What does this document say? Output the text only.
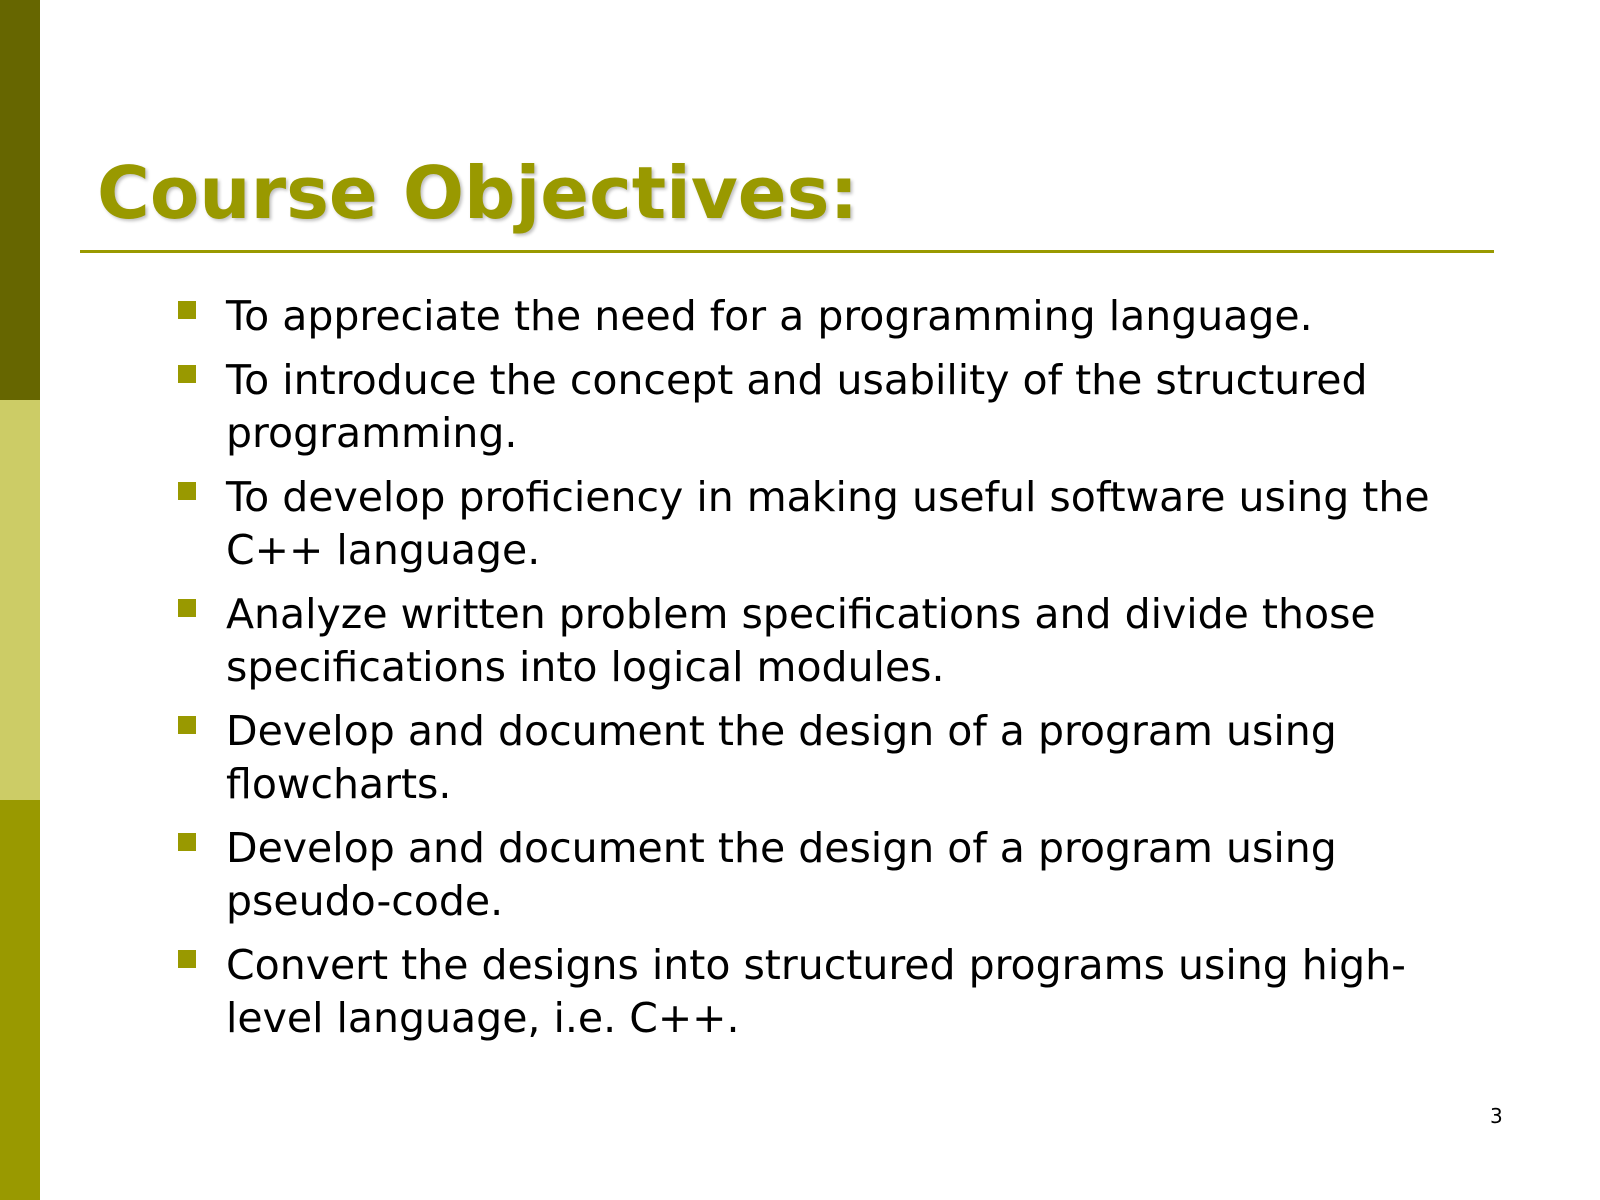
Course Objectives:
To appreciate the need for a programming language.
To introduce the concept and usability of the structured programming.
To develop proficiency in making useful software using the C++ language.
Analyze written problem specifications and divide those specifications into logical modules.
Develop and document the design of a program using flowcharts.
Develop and document the design of a program using pseudo-code.
Convert the designs into structured programs using high-level language, i.e. C++.
3
